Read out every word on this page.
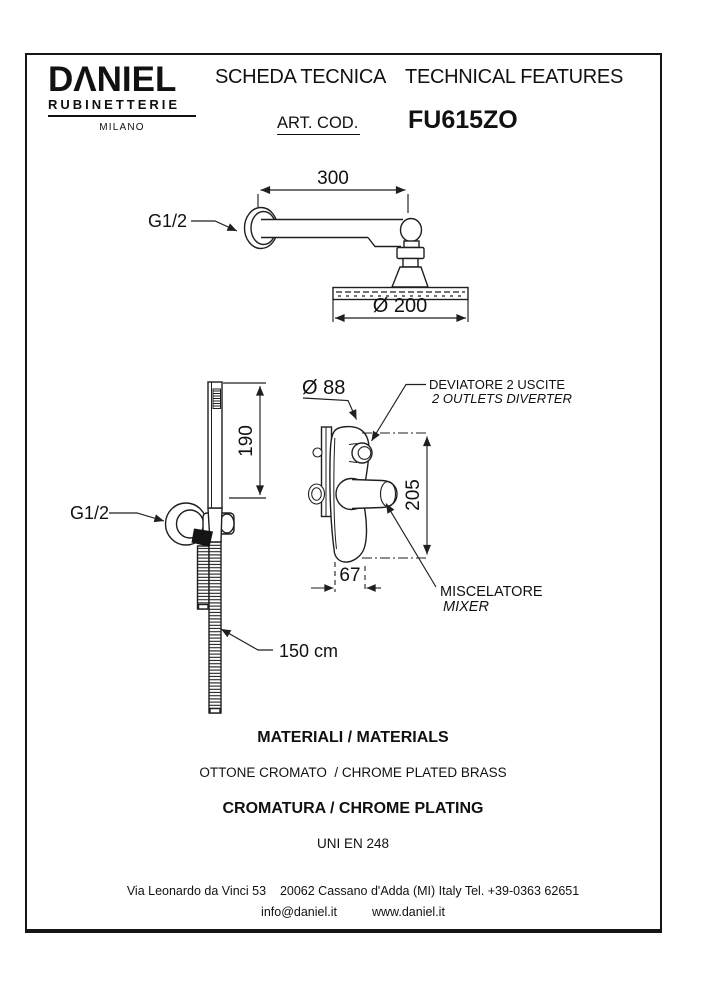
DΛNIEL
RUBINETTERIE
MILANO
SCHEDA TECNICA TECHNICAL FEATURES
ART. COD. FU615ZO
300
G1/2
Ø 200
190
G1/2
150 cm
Ø 88
205
67
DEVIATORE 2 USCITE
2 OUTLETS DIVERTER
MISCELATORE
MIXER
MATERIALI / MATERIALS
OTTONE CROMATO  / CHROME PLATED BRASS
CROMATURA / CHROME PLATING
UNI EN 248
Via Leonardo da Vinci 53    20062 Cassano d'Adda (MI) Italy Tel. +39-0363 62651
info@daniel.it	www.daniel.it
